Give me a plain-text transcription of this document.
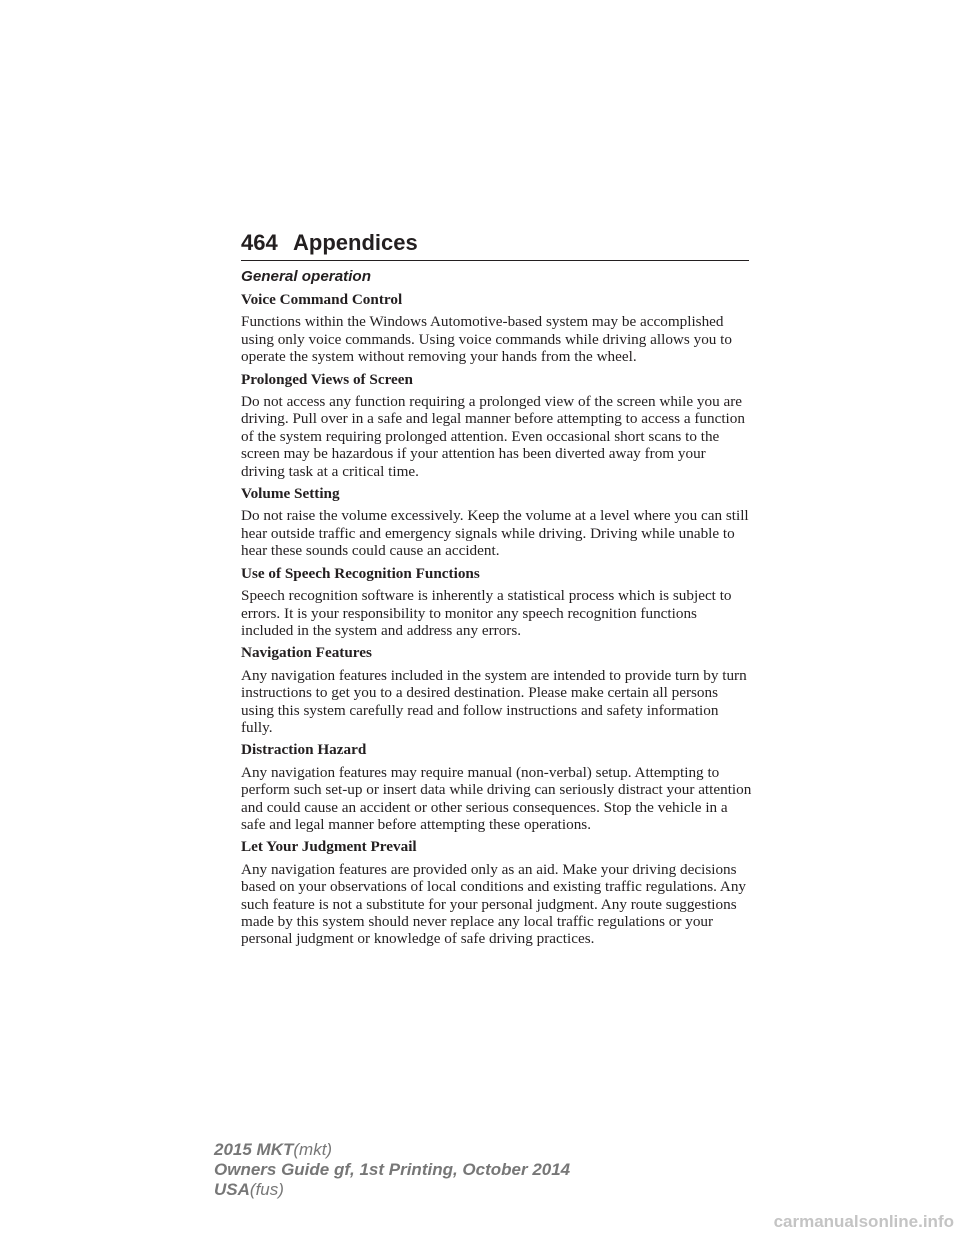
464 Appendices
General operation
Voice Command Control
Functions within the Windows Automotive-based system may be accomplished using only voice commands. Using voice commands while driving allows you to operate the system without removing your hands from the wheel.
Prolonged Views of Screen
Do not access any function requiring a prolonged view of the screen while you are driving. Pull over in a safe and legal manner before attempting to access a function of the system requiring prolonged attention. Even occasional short scans to the screen may be hazardous if your attention has been diverted away from your driving task at a critical time.
Volume Setting
Do not raise the volume excessively. Keep the volume at a level where you can still hear outside traffic and emergency signals while driving. Driving while unable to hear these sounds could cause an accident.
Use of Speech Recognition Functions
Speech recognition software is inherently a statistical process which is subject to errors. It is your responsibility to monitor any speech recognition functions included in the system and address any errors.
Navigation Features
Any navigation features included in the system are intended to provide turn by turn instructions to get you to a desired destination. Please make certain all persons using this system carefully read and follow instructions and safety information fully.
Distraction Hazard
Any navigation features may require manual (non-verbal) setup. Attempting to perform such set-up or insert data while driving can seriously distract your attention and could cause an accident or other serious consequences. Stop the vehicle in a safe and legal manner before attempting these operations.
Let Your Judgment Prevail
Any navigation features are provided only as an aid. Make your driving decisions based on your observations of local conditions and existing traffic regulations. Any such feature is not a substitute for your personal judgment. Any route suggestions made by this system should never replace any local traffic regulations or your personal judgment or knowledge of safe driving practices.
2015 MKT(mkt)
Owners Guide gf, 1st Printing, October 2014
USA(fus)
carmanualsonline.info
